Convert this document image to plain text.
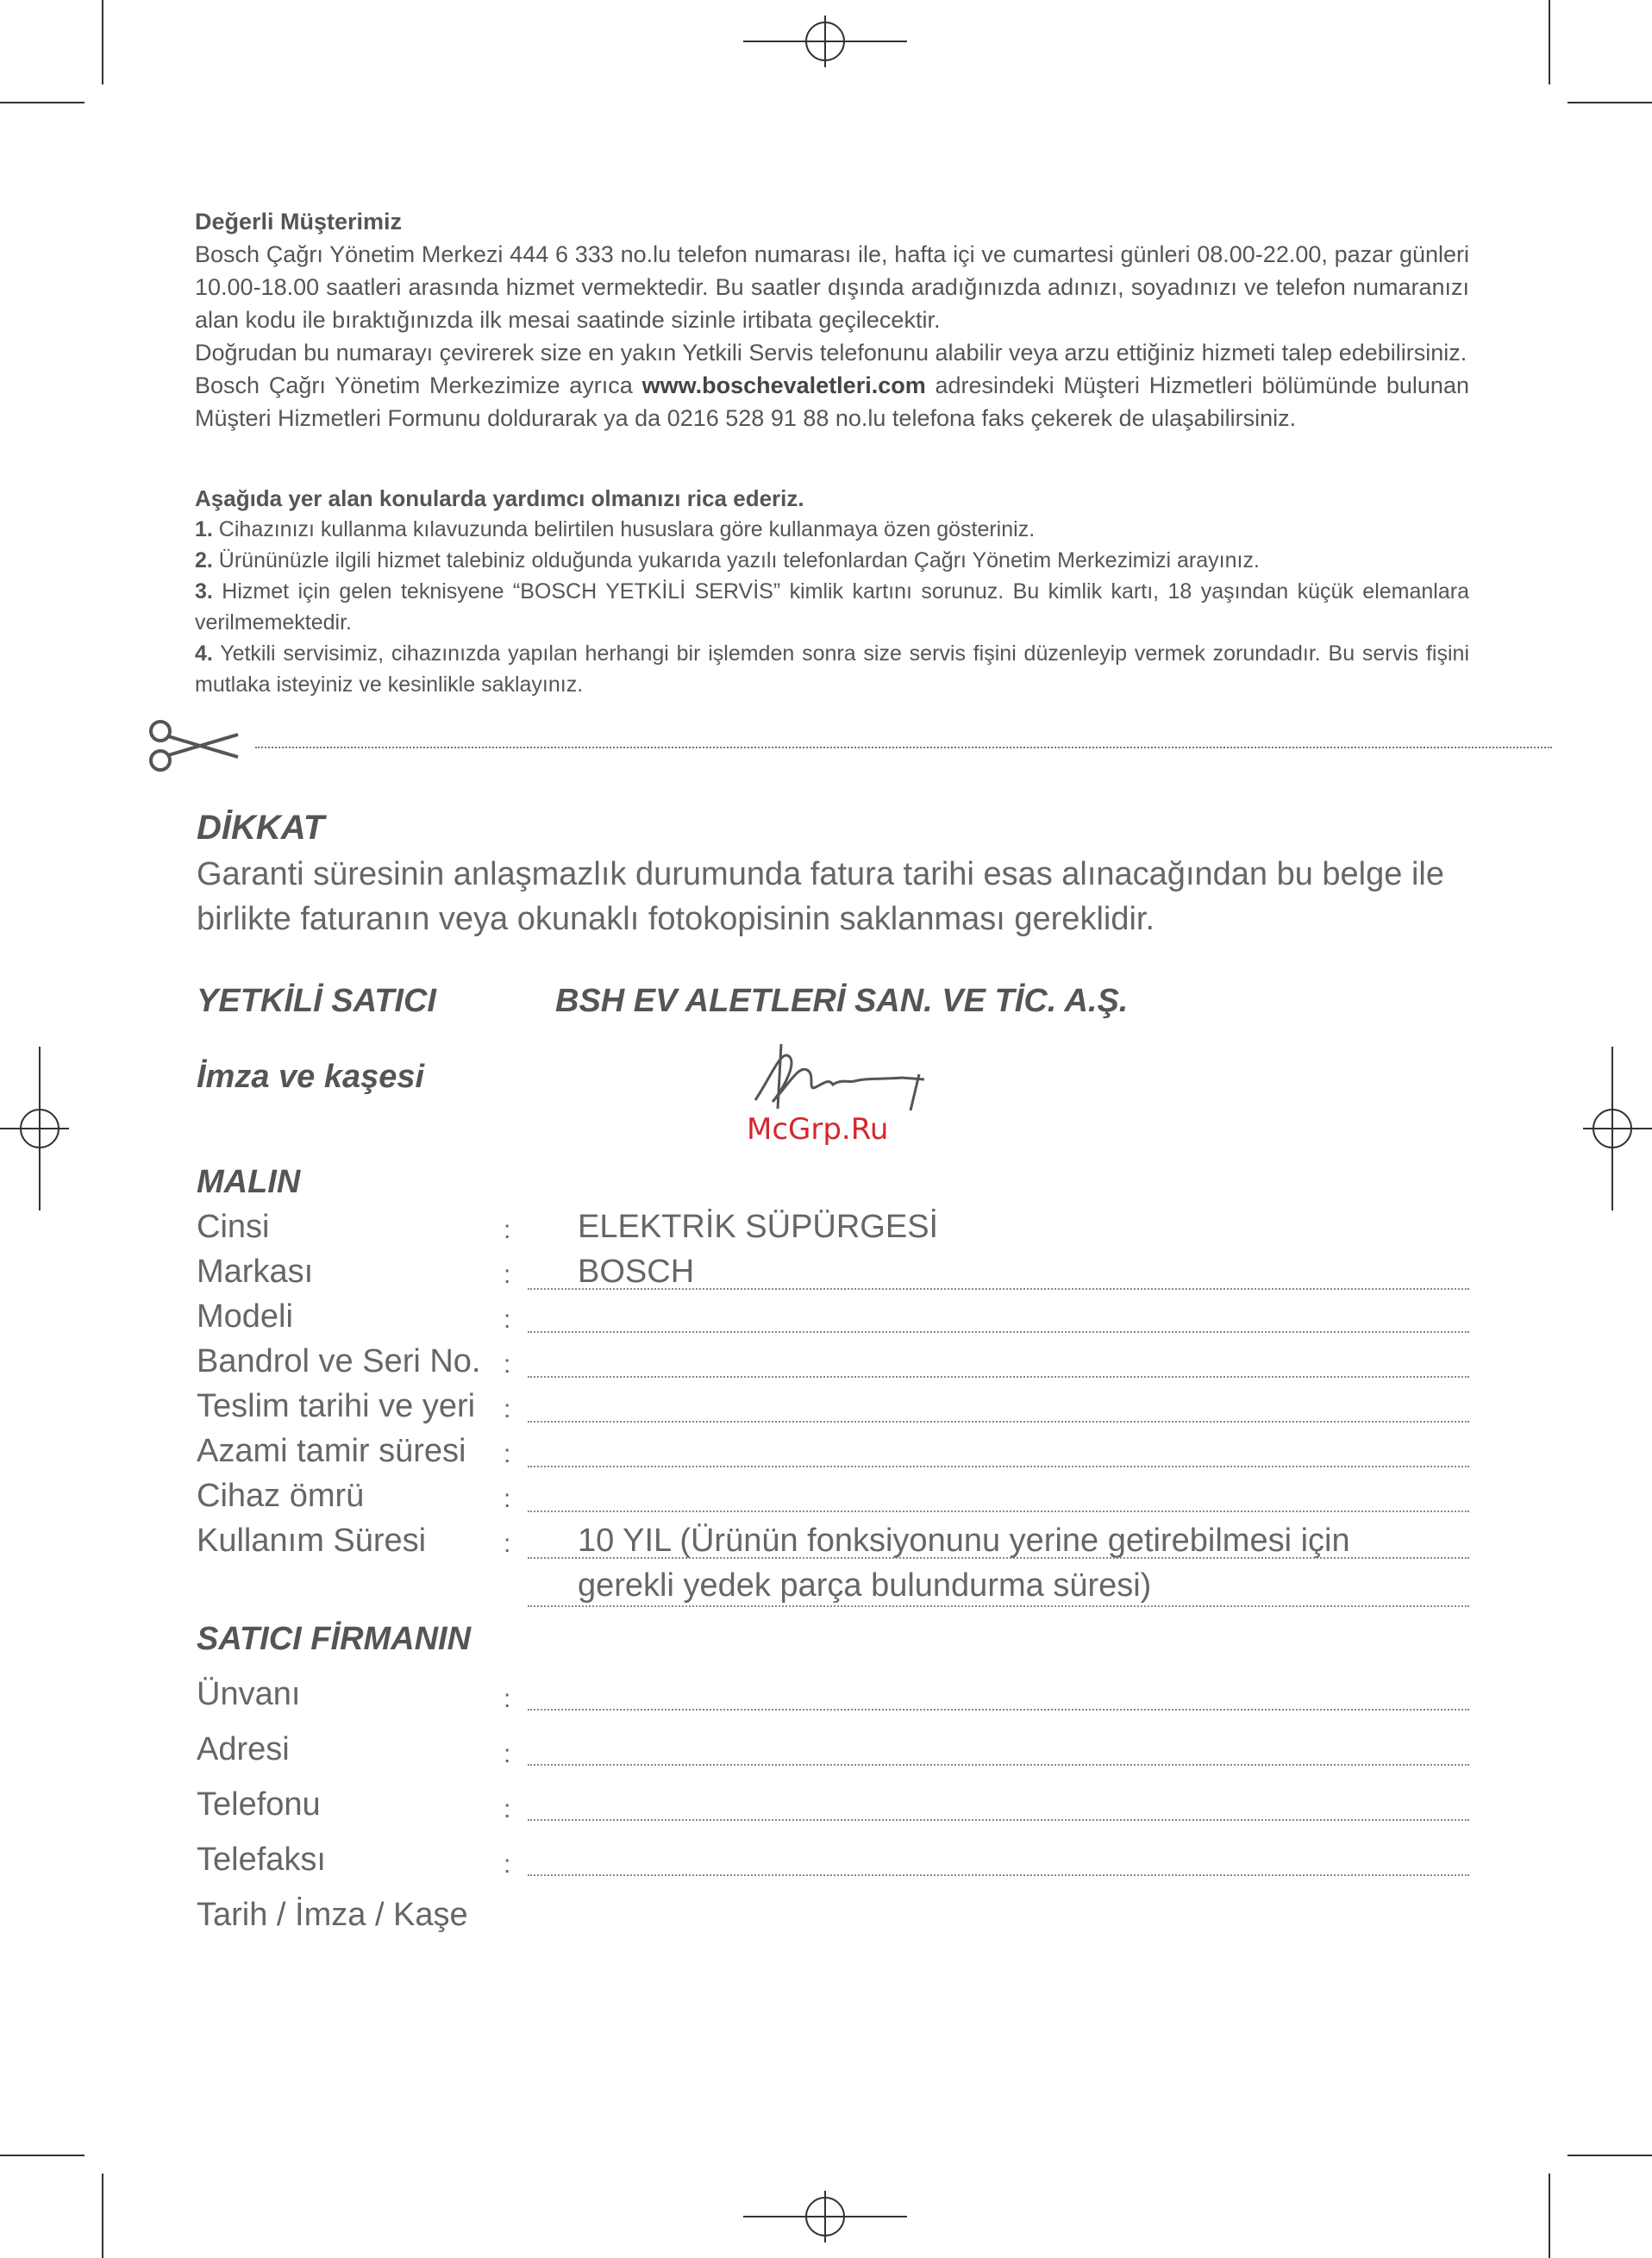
Değerli Müşterimiz

Bosch Çağrı Yönetim Merkezi 444 6 333 no.lu telefon numarası ile, hafta içi ve cumartesi günleri 08.00-22.00, pazar günleri 10.00-18.00 saatleri arasında hizmet vermektedir. Bu saatler dışında aradığınızda adınızı, soyadınızı ve telefon numaranızı alan kodu ile bıraktığınızda ilk mesai saatinde sizinle irtibata geçilecektir.

Doğrudan bu numarayı çevirerek size en yakın Yetkili Servis telefonunu alabilir veya arzu ettiğiniz hizmeti talep edebilirsiniz.

Bosch Çağrı Yönetim Merkezimize ayrıca www.boschevaletleri.com adresindeki Müşteri Hizmetleri bölümünde bulunan Müşteri Hizmetleri Formunu doldurarak ya da 0216 528 91 88 no.lu telefona faks çekerek de ulaşabilirsiniz.

Aşağıda yer alan konularda yardımcı olmanızı rica ederiz.

1. Cihazınızı kullanma kılavuzunda belirtilen hususlara göre kullanmaya özen gösteriniz.

2. Ürününüzle ilgili hizmet talebiniz olduğunda yukarıda yazılı telefonlardan Çağrı Yönetim Merkezimizi arayınız.

3. Hizmet için gelen teknisyene “BOSCH YETKİLİ SERVİS” kimlik kartını sorunuz. Bu kimlik kartı, 18 yaşından küçük elemanlara verilmemektedir.

4. Yetkili servisimiz, cihazınızda yapılan herhangi bir işlemden sonra size servis fişini düzenleyip vermek zorundadır. Bu servis fişini mutlaka isteyiniz ve kesinlikle saklayınız.

DİKKAT
Garanti süresinin anlaşmazlık durumunda fatura tarihi esas alınacağından bu belge ile birlikte faturanın veya okunaklı fotokopisinin saklanması gereklidir.
YETKİLİ SATICI	BSH EV ALETLERİ SAN. VE TİC. A.Ş.
İmza ve kaşesi
McGrp.Ru
MALIN
Cinsi	: ELEKTRİK SÜPÜRGESİ
Markası	: BOSCH
Modeli	:
Bandrol ve Seri No. :
Teslim tarihi ve yeri :
Azami tamir süresi :
Cihaz ömrü	:
Kullanım Süresi	: 10 YIL (Ürünün fonksiyonunu yerine getirebilmesi için
gerekli yedek parça bulundurma süresi)
SATICI FİRMANIN
Ünvanı	:
Adresi	:
Telefonu	:
Telefaksı	:
Tarih / İmza / Kaşe
